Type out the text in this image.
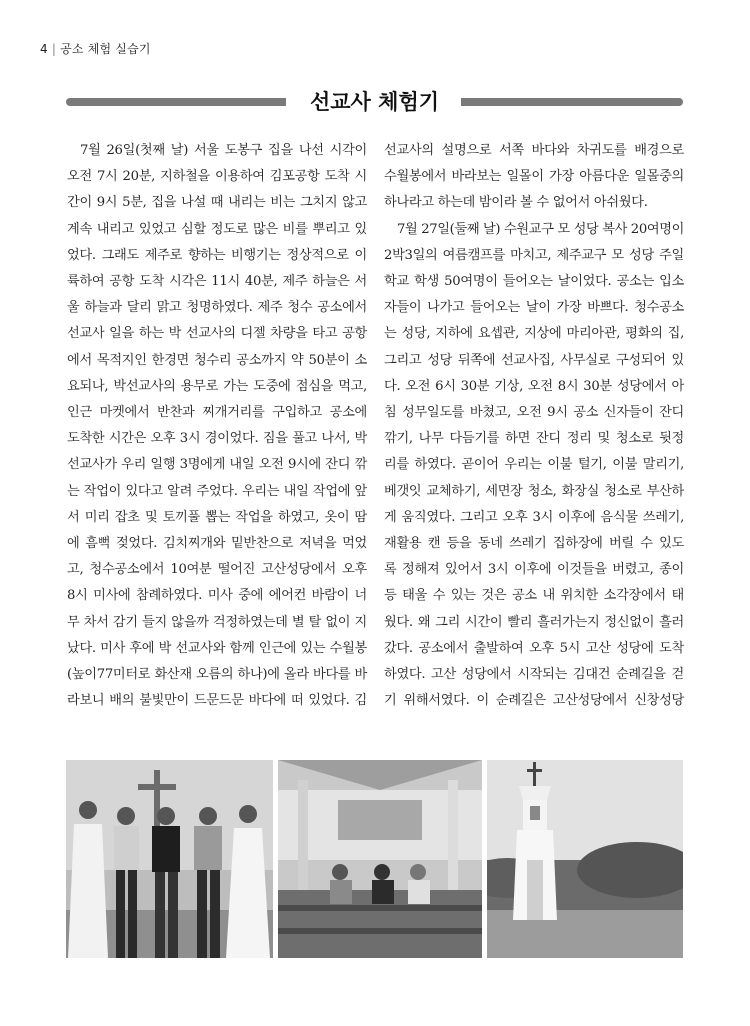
4 | 공소 체험 실습기
선교사 체험기
7월 26일(첫째 날) 서울 도봉구 집을 나선 시각이
오전 7시 20분, 지하철을 이용하여 김포공항 도착 시
간이 9시 5분, 집을 나설 때 내리는 비는 그치지 않고
계속 내리고 있었고 심할 정도로 많은 비를 뿌리고 있
었다. 그래도 제주로 향하는 비행기는 정상적으로 이
륙하여 공항 도착 시각은 11시 40분, 제주 하늘은 서
울 하늘과 달리 맑고 청명하였다. 제주 청수 공소에서
선교사 일을 하는 박 선교사의 디젤 차량을 타고 공항
에서 목적지인 한경면 청수리 공소까지 약 50분이 소
요되나, 박선교사의 용무로 가는 도중에 점심을 먹고,
인근 마켓에서 반찬과 찌개거리를 구입하고 공소에
도착한 시간은 오후 3시 경이었다. 짐을 풀고 나서, 박
선교사가 우리 일행 3명에게 내일 오전 9시에 잔디 깎
는 작업이 있다고 알려 주었다. 우리는 내일 작업에 앞
서 미리 잡초 및 토끼풀 뽑는 작업을 하였고, 옷이 땀
에 흠뻑 젖었다. 김치찌개와 밑반찬으로 저녁을 먹었
고, 청수공소에서 10여분 떨어진 고산성당에서 오후
8시 미사에 참례하였다. 미사 중에 에어컨 바람이 너
무 차서 감기 들지 않을까 걱정하였는데 별 탈 없이 지
났다. 미사 후에 박 선교사와 함께 인근에 있는 수월봉
(높이77미터로 화산재 오름의 하나)에 올라 바다를 바
라보니 배의 불빛만이 드문드문 바다에 떠 있었다. 김
선교사의 설명으로 서쪽 바다와 차귀도를 배경으로
수월봉에서 바라보는 일몰이 가장 아름다운 일몰중의
하나라고 하는데 밤이라 볼 수 없어서 아쉬웠다.
7월 27일(둘째 날) 수원교구 모 성당 복사 20여명이
2박3일의 여름캠프를 마치고, 제주교구 모 성당 주일
학교 학생 50여명이 들어오는 날이었다. 공소는 입소
자들이 나가고 들어오는 날이 가장 바쁘다. 청수공소
는 성당, 지하에 요셉관, 지상에 마리아관, 평화의 집,
그리고 성당 뒤쪽에 선교사집, 사무실로 구성되어 있
다. 오전 6시 30분 기상, 오전 8시 30분 성당에서 아
침 성무일도를 바쳤고, 오전 9시 공소 신자들이 잔디
깎기, 나무 다듬기를 하면 잔디 정리 및 청소로 뒷정
리를 하였다. 곧이어 우리는 이불 털기, 이불 말리기,
베갯잇 교체하기, 세면장 청소, 화장실 청소로 부산하
게 움직였다. 그리고 오후 3시 이후에 음식물 쓰레기,
재활용 캔 등을 동네 쓰레기 집하장에 버릴 수 있도
록 정해져 있어서 3시 이후에 이것들을 버렸고, 종이
등 태울 수 있는 것은 공소 내 위치한 소각장에서 태
웠다. 왜 그리 시간이 빨리 흘러가는지 정신없이 흘러
갔다. 공소에서 출발하여 오후 5시 고산 성당에 도착
하였다. 고산 성당에서 시작되는 김대건 순례길을 걷
기 위해서였다. 이 순례길은 고산성당에서 신창성당
